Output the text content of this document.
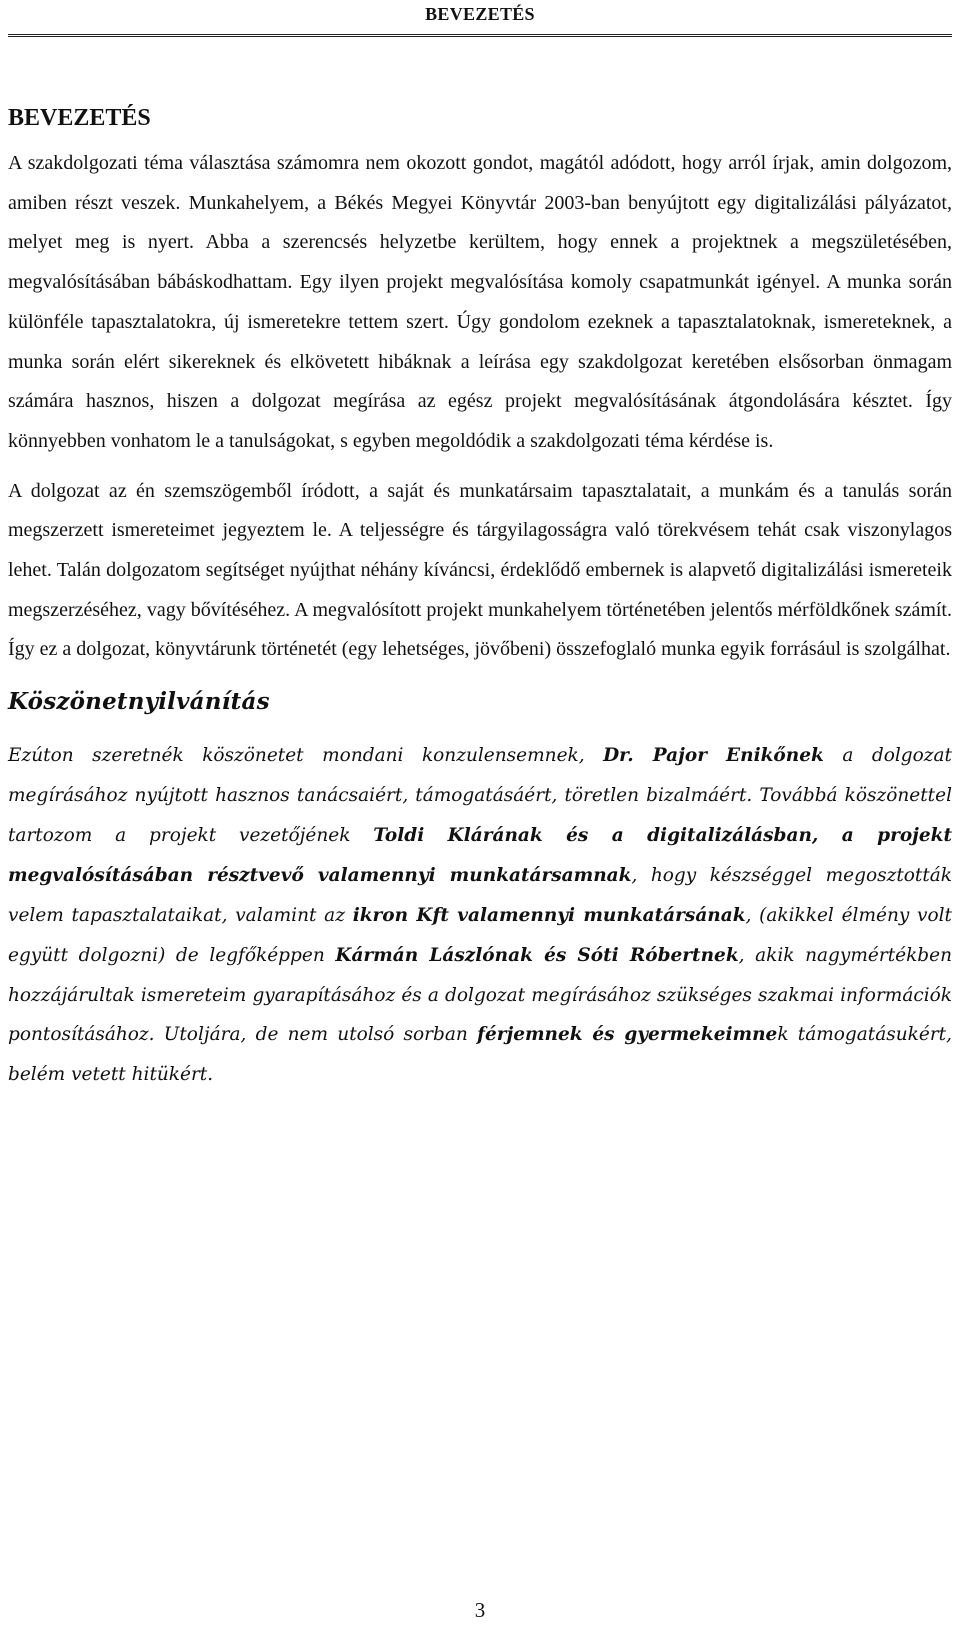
BEVEZETÉS
BEVEZETÉS

A szakdolgozati téma választása számomra nem okozott gondot, magától adódott, hogy arról írjak, amin dolgozom, amiben részt veszek. Munkahelyem, a Békés Megyei Könyvtár 2003-ban benyújtott egy digitalizálási pályázatot, melyet meg is nyert. Abba a szerencsés helyzetbe kerültem, hogy ennek a projektnek a megszületésében, megvalósításában bábáskodhattam. Egy ilyen projekt megvalósítása komoly csapatmunkát igényel. A munka során különféle tapasztalatokra, új ismeretekre tettem szert. Úgy gondolom ezeknek a tapasztalatoknak, ismereteknek, a munka során elért sikereknek és elkövetett hibáknak a leírása egy szakdolgozat keretében elsősorban önmagam számára hasznos, hiszen a dolgozat megírása az egész projekt megvalósításának átgondolására késztet. Így könnyebben vonhatom le a tanulságokat, s egyben megoldódik a szakdolgozati téma kérdése is.

A dolgozat az én szemszögemből íródott, a saját és munkatársaim tapasztalatait, a munkám és a tanulás során megszerzett ismereteimet jegyeztem le. A teljességre és tárgyilagosságra való törekvésem tehát csak viszonylagos lehet. Talán dolgozatom segítséget nyújthat néhány kíváncsi, érdeklődő embernek is alapvető digitalizálási ismereteik megszerzéséhez, vagy bővítéséhez. A megvalósított projekt munkahelyem történetében jelentős mérföldkőnek számít. Így ez a dolgozat, könyvtárunk történetét (egy lehetséges, jövőbeni) összefoglaló munka egyik forrásául is szolgálhat.

Köszönetnyilvánítás

Ezúton szeretnék köszönetet mondani konzulensemnek, Dr. Pajor Enikőnek a dolgozat megírásához nyújtott hasznos tanácsaiért, támogatásáért, töretlen bizalmáért. Továbbá köszönettel tartozom a projekt vezetőjének Toldi Klárának és a digitalizálásban, a projekt megvalósításában résztvevő valamennyi munkatársamnak, hogy készséggel megosztották velem tapasztalataikat, valamint az ikron Kft valamennyi munkatársának, (akikkel élmény volt együtt dolgozni) de legfőképpen Kármán Lászlónak és Sóti Róbertnek, akik nagymértékben hozzájárultak ismereteim gyarapításához és a dolgozat megírásához szükséges szakmai információk pontosításához. Utoljára, de nem utolsó sorban férjemnek és gyermekeimnek támogatásukért, belém vetett hitükért.

3
